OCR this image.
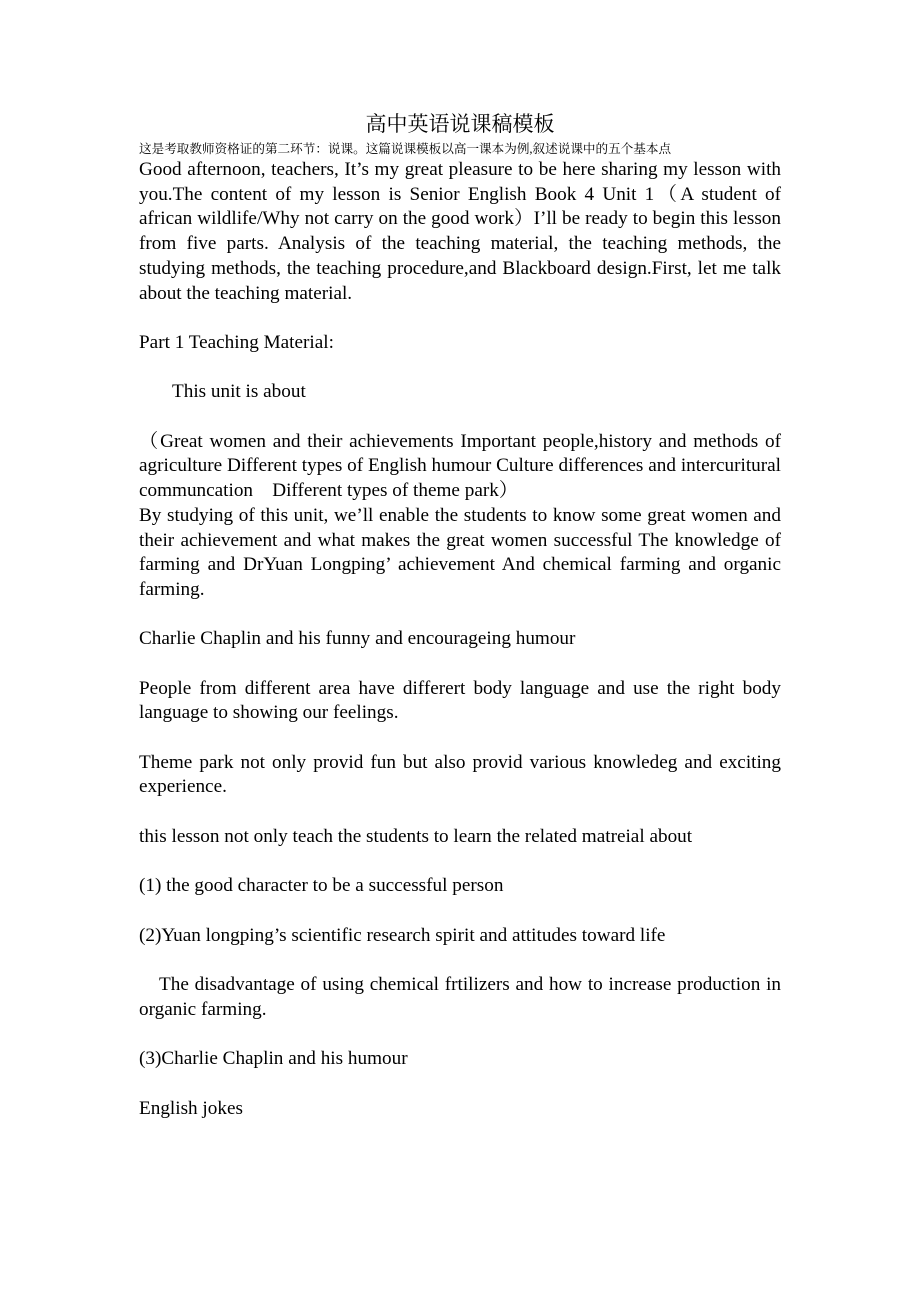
高中英语说课稿模板
这是考取教师资格证的第二环节：说课。这篇说课模板以高一课本为例,叙述说课中的五个基本点

Good afternoon, teachers, It’s my great pleasure to be here sharing my lesson with you.The content of my lesson is Senior English Book 4 Unit 1（A student of african wildlife/Why not carry on the good work）I’ll be ready to begin this lesson from five parts. Analysis of the teaching material, the teaching methods, the studying methods, the teaching procedure,and Blackboard design.First, let me talk about the teaching material.

Part 1 Teaching Material:

This unit is about

（Great women and their achievements Important people,history and methods of agriculture Different types of English humour Culture differences and intercuritural communcation　Different types of theme park）

By studying of this unit, we’ll enable the students to know some great women and their achievement and what makes the great women successful The knowledge of farming and DrYuan Longping’ achievement And chemical farming and organic farming.

Charlie Chaplin and his funny and encourageing humour

People from different area have differert body language and use the right body language to showing our feelings.

Theme park not only provid fun but also provid various knowledeg and exciting experience.

this lesson not only teach the students to learn the related matreial about

(1) the good character to be a successful person

(2)Yuan longping’s scientific research spirit and attitudes toward life

The disadvantage of using chemical frtilizers and how to increase production in organic farming.

(3)Charlie Chaplin and his humour

English jokes
